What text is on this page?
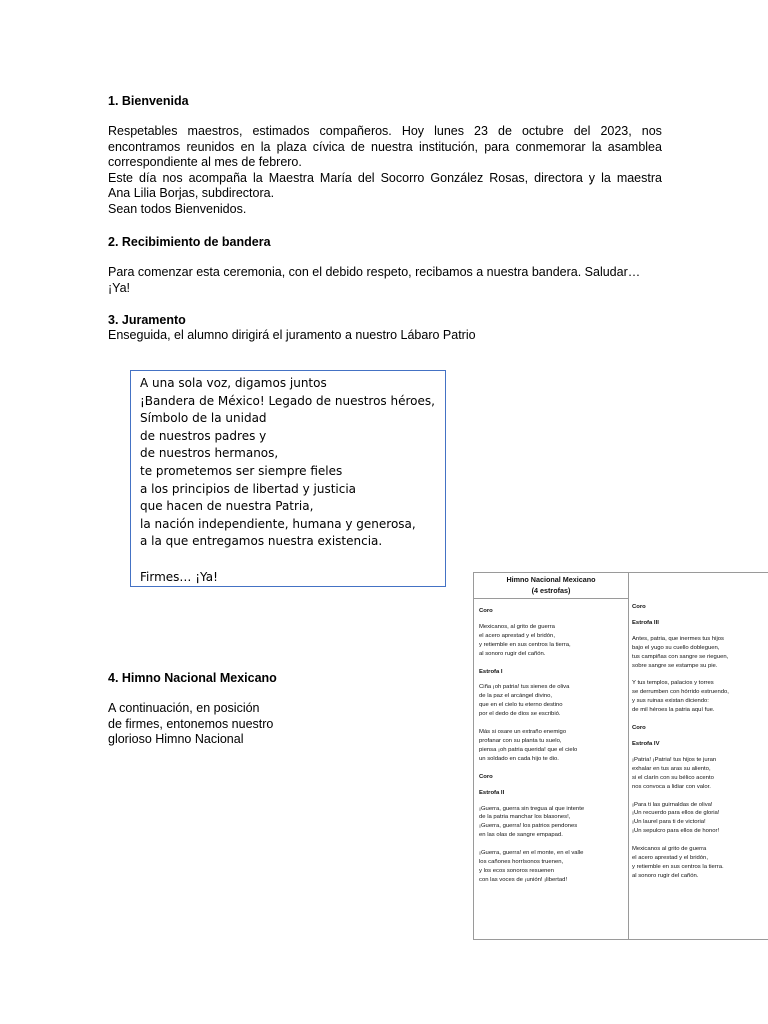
1. Bienvenida
Respetables maestros, estimados compañeros. Hoy lunes 23 de octubre del 2023, nos
encontramos reunidos en la plaza cívica de nuestra institución, para conmemorar la asamblea
correspondiente al mes de febrero.
Este día nos acompaña la Maestra María del Socorro González Rosas, directora y la maestra
Ana Lilia Borjas, subdirectora.
Sean todos Bienvenidos.
2. Recibimiento de bandera
Para comenzar esta ceremonia, con el debido respeto, recibamos a nuestra bandera. Saludar…
¡Ya!
3. Juramento
Enseguida, el alumno dirigirá el juramento a nuestro Lábaro Patrio
A una sola voz, digamos juntos
¡Bandera de México! Legado de nuestros héroes,
Símbolo de la unidad
de nuestros padres y
de nuestros hermanos,
te prometemos ser siempre fieles
a los principios de libertad y justicia
que hacen de nuestra Patria,
la nación independiente, humana y generosa,
a la que entregamos nuestra existencia.
Firmes… ¡Ya!
4. Himno Nacional Mexicano
A continuación, en posición
de firmes, entonemos nuestro
glorioso Himno Nacional
Himno Nacional Mexicano
(4 estrofas)
Coro
Mexicanos, al grito de guerra
el acero aprestad y el bridón,
y retiemble en sus centros la tierra,
al sonoro rugir del cañón.
Estrofa I
Ciña ¡oh patria! tus sienes de oliva
de la paz el arcángel divino,
que en el cielo tu eterno destino
por el dedo de dios se escribió.
Más si osare un extraño enemigo
profanar con su planta tu suelo,
piensa ¡oh patria querida! que el cielo
un soldado en cada hijo te dio.
Coro
Estrofa II
¡Guerra, guerra sin tregua al que intente
de la patria manchar los blasones!,
¡Guerra, guerra! los patrios pendones
en las olas de sangre empapad.
¡Guerra, guerra! en el monte, en el valle
los cañones horrísonos truenen,
y los ecos sonoros resuenen
con las voces de ¡unión! ¡libertad!
Coro
Estrofa III
Antes, patria, que inermes tus hijos
bajo el yugo su cuello dobleguen,
tus campiñas con sangre se rieguen,
sobre sangre se estampe su pie.
Y tus templos, palacios y torres
se derrumben con hórrido estruendo,
y sus ruinas existan diciendo:
de mil héroes la patria aquí fue.
Coro
Estrofa IV
¡Patria! ¡Patria! tus hijos te juran
exhalar en tus aras su aliento,
si el clarín con su bélico acento
nos convoca a lidiar con valor.
¡Para ti las guirnaldas de oliva!
¡Un recuerdo para ellos de gloria!
¡Un laurel para ti de victoria!
¡Un sepulcro para ellos de honor!
Mexicanos al grito de guerra
el acero aprestad y el bridón,
y retiemble en sus centros la tierra.
al sonoro rugir del cañón.
